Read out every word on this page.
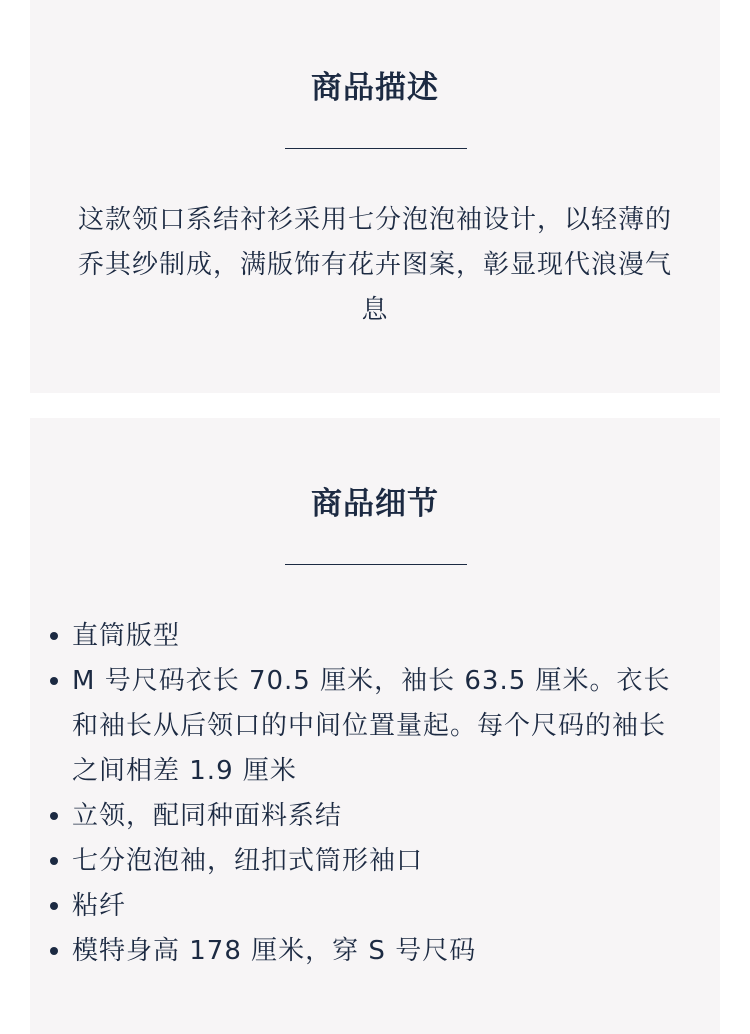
商品描述

这款领口系结衬衫采用七分泡泡袖设计，以轻薄的乔其纱制成，满版饰有花卉图案，彰显现代浪漫气息

商品细节
直筒版型
M 号尺码衣长 70.5 厘米，袖长 63.5 厘米。衣长和袖长从后领口的中间位置量起。每个尺码的袖长之间相差 1.9 厘米
立领，配同种面料系结
七分泡泡袖，纽扣式筒形袖口
粘纤
模特身高 178 厘米，穿 S 号尺码
